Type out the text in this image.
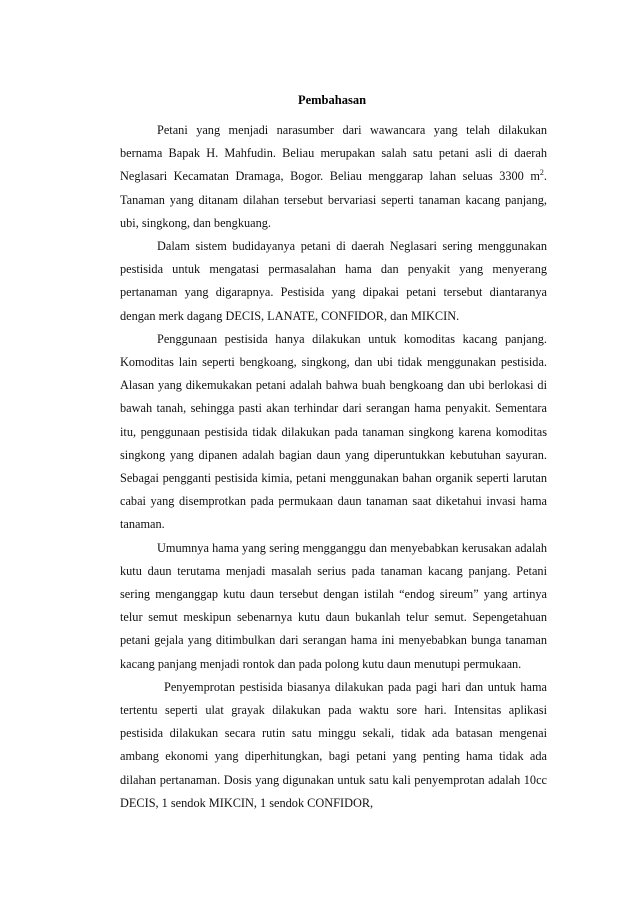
Pembahasan

Petani yang menjadi narasumber dari wawancara yang telah dilakukan bernama Bapak H. Mahfudin. Beliau merupakan salah satu petani asli di daerah Neglasari Kecamatan Dramaga, Bogor. Beliau menggarap lahan seluas 3300 $m^2$. Tanaman yang ditanam dilahan tersebut bervariasi seperti tanaman kacang panjang, ubi, singkong, dan bengkuang.

Dalam sistem budidayanya petani di daerah Neglasari sering menggunakan pestisida untuk mengatasi permasalahan hama dan penyakit yang menyerang pertanaman yang digarapnya. Pestisida yang dipakai petani tersebut diantaranya dengan merk dagang DECIS, LANATE, CONFIDOR, dan MIKCIN.

Penggunaan pestisida hanya dilakukan untuk komoditas kacang panjang. Komoditas lain seperti bengkoang, singkong, dan ubi tidak menggunakan pestisida. Alasan yang dikemukakan petani adalah bahwa buah bengkoang dan ubi berlokasi di bawah tanah, sehingga pasti akan terhindar dari serangan hama penyakit. Sementara itu, penggunaan pestisida tidak dilakukan pada tanaman singkong karena komoditas singkong yang dipanen adalah bagian daun yang diperuntukkan kebutuhan sayuran. Sebagai pengganti pestisida kimia, petani menggunakan bahan organik seperti larutan cabai yang disemprotkan pada permukaan daun tanaman saat diketahui invasi hama tanaman.

Umumnya hama yang sering mengganggu dan menyebabkan kerusakan adalah kutu daun terutama menjadi masalah serius pada tanaman kacang panjang. Petani sering menganggap kutu daun tersebut dengan istilah “endog sireum” yang artinya telur semut meskipun sebenarnya kutu daun bukanlah telur semut. Sepengetahuan petani gejala yang ditimbulkan dari serangan hama ini menyebabkan bunga tanaman kacang panjang menjadi rontok dan pada polong kutu daun menutupi permukaan.

Penyemprotan pestisida biasanya dilakukan pada pagi hari dan untuk hama tertentu seperti ulat grayak dilakukan pada waktu sore hari. Intensitas aplikasi pestisida dilakukan secara rutin satu minggu sekali, tidak ada batasan mengenai ambang ekonomi yang diperhitungkan, bagi petani yang penting hama tidak ada dilahan pertanaman. Dosis yang digunakan untuk satu kali penyemprotan adalah 10cc DECIS, 1 sendok MIKCIN, 1 sendok CONFIDOR,
